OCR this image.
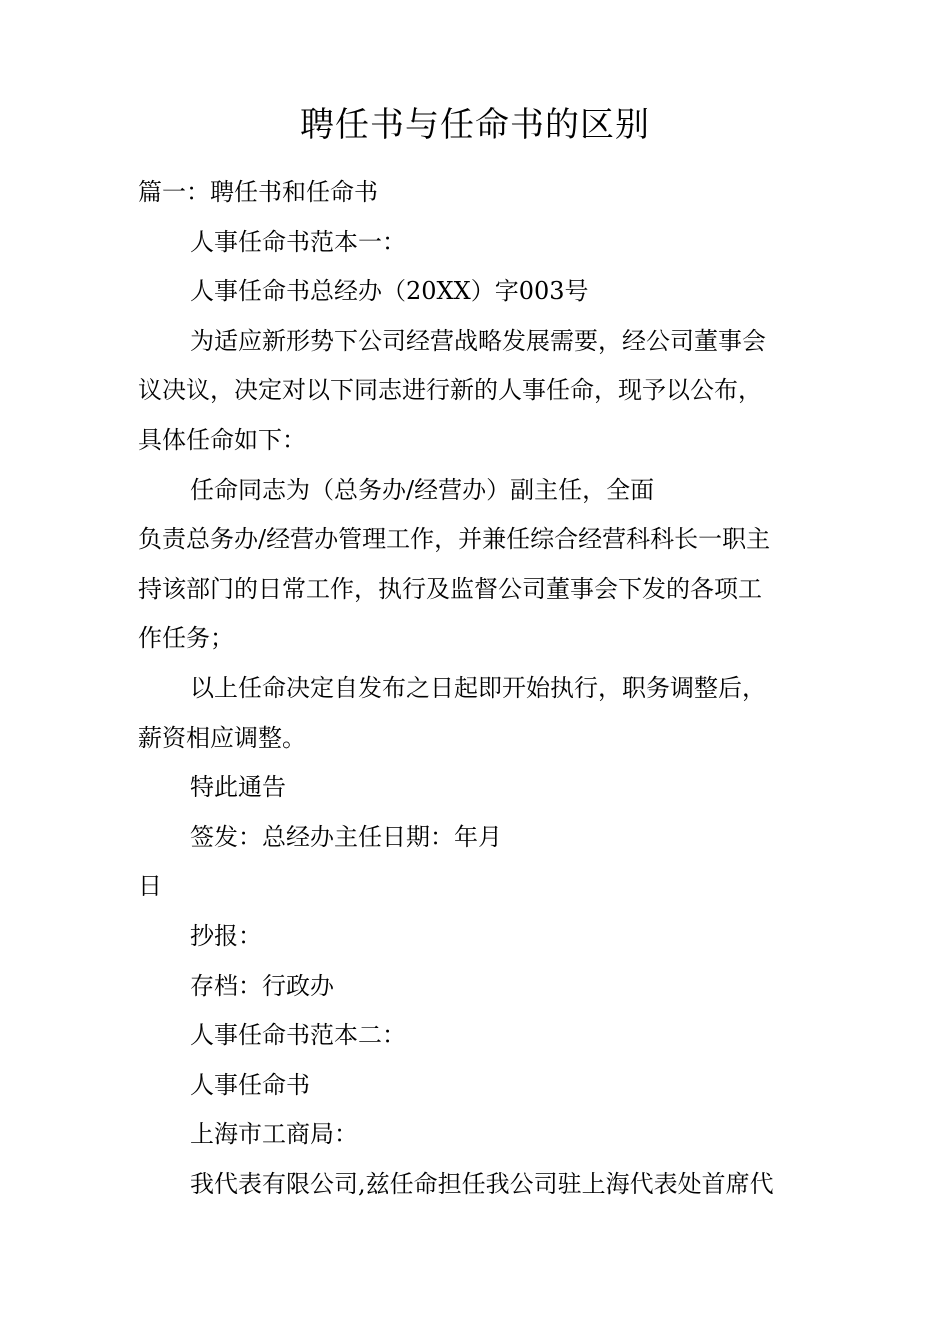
聘任书与任命书的区别

篇一：聘任书和任命书

人事任命书范本一：

人事任命书总经办（20XX）字003号

为适应新形势下公司经营战略发展需要，经公司董事会

议决议，决定对以下同志进行新的人事任命，现予以公布，

具体任命如下：

任命同志为（总务办/经营办）副主任，全面

负责总务办/经营办管理工作，并兼任综合经营科科长一职主

持该部门的日常工作，执行及监督公司董事会下发的各项工

作任务；

以上任命决定自发布之日起即开始执行，职务调整后，

薪资相应调整。

特此通告

签发：总经办主任日期：年月

日

抄报：

存档：行政办

人事任命书范本二：

人事任命书

上海市工商局：

我代表有限公司,兹任命担任我公司驻上海代表处首席代
